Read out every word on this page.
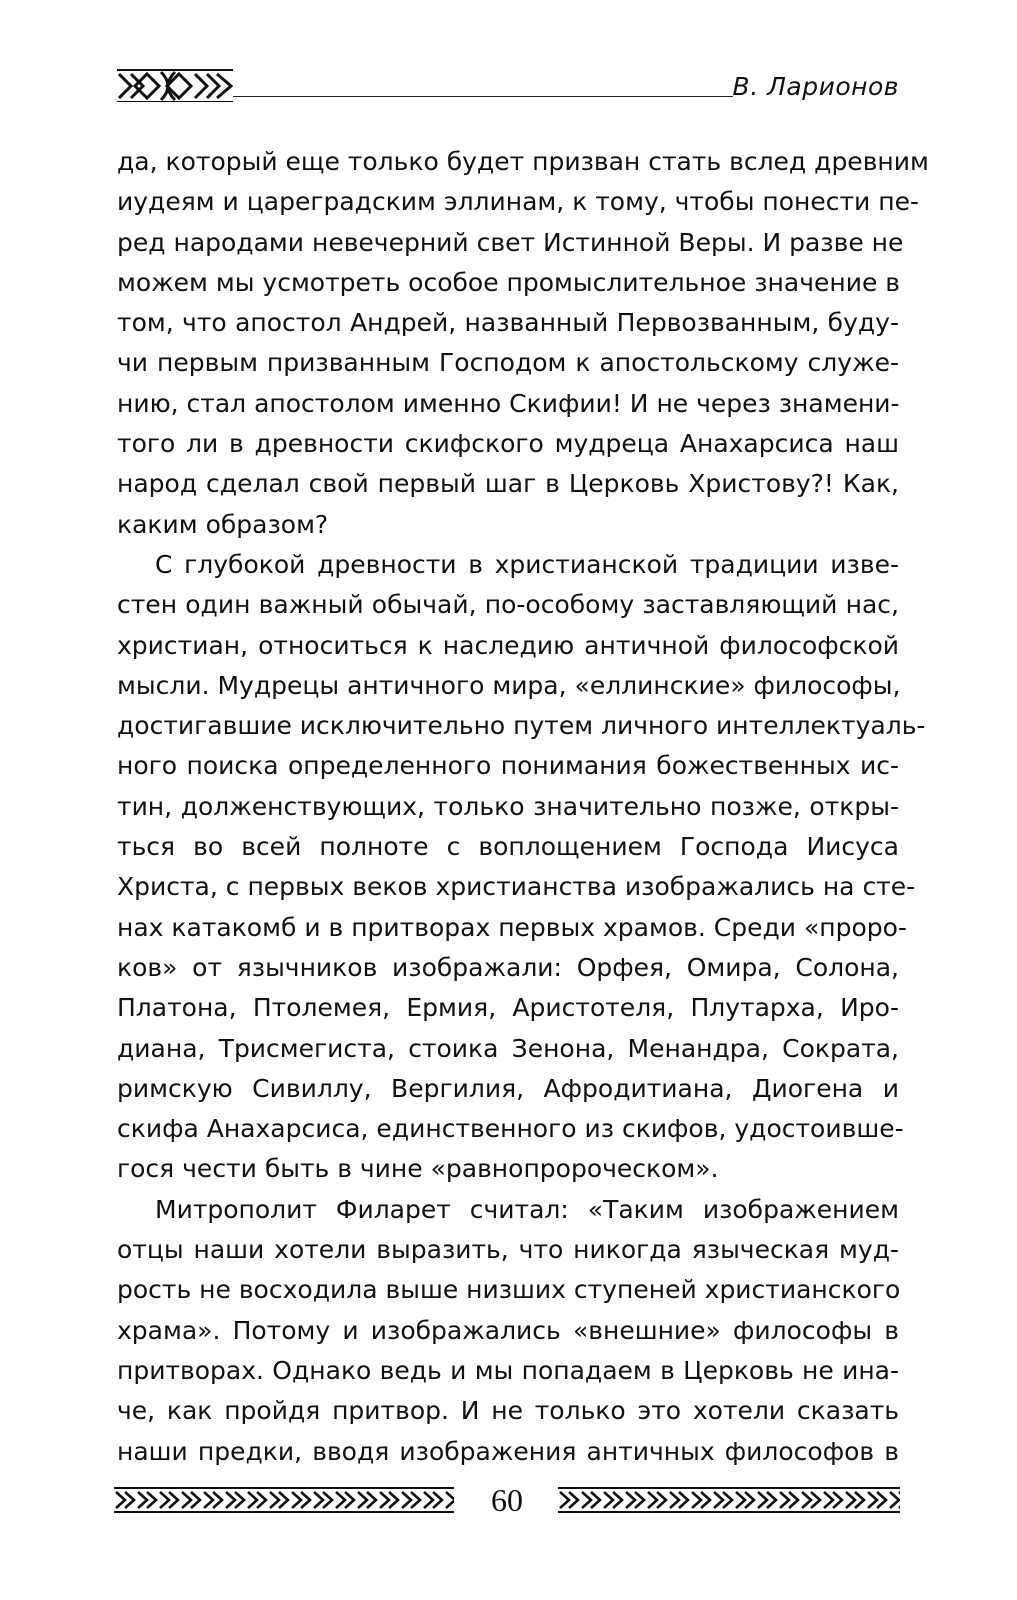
В. Ларионов

да, который еще только будет призван стать вслед древним

иудеям и цареградским эллинам, к тому, чтобы понести пе-

ред народами невечерний свет Истинной Веры. И разве не

можем мы усмотреть особое промыслительное значение в

том, что апостол Андрей, названный Первозванным, буду-

чи первым призванным Господом к апостольскому служе-

нию, стал апостолом именно Скифии! И не через знамени-

того ли в древности скифского мудреца Анахарсиса наш

народ сделал свой первый шаг в Церковь Христову?! Как,

каким образом?

С глубокой древности в христианской традиции изве-

стен один важный обычай, по-особому заставляющий нас,

христиан, относиться к наследию античной философской

мысли. Мудрецы античного мира, «еллинские» философы,

достигавшие исключительно путем личного интеллектуаль-

ного поиска определенного понимания божественных ис-

тин, долженствующих, только значительно позже, откры-

ться во всей полноте с воплощением Господа Иисуса

Христа, с первых веков христианства изображались на сте-

нах катакомб и в притворах первых храмов. Среди «проро-

ков» от язычников изображали: Орфея, Омира, Солона,

Платона, Птолемея, Ермия, Аристотеля, Плутарха, Иро-

диана, Трисмегиста, стоика Зенона, Менандра, Сократа,

римскую Сивиллу, Вергилия, Афродитиана, Диогена и

скифа Анахарсиса, единственного из скифов, удостоивше-

гося чести быть в чине «равнопророческом».

Митрополит Филарет считал: «Таким изображением

отцы наши хотели выразить, что никогда языческая муд-

рость не восходила выше низших ступеней христианского

храма». Потому и изображались «внешние» философы в

притворах. Однако ведь и мы попадаем в Церковь не ина-

че, как пройдя притвор. И не только это хотели сказать

наши предки, вводя изображения античных философов в

60
